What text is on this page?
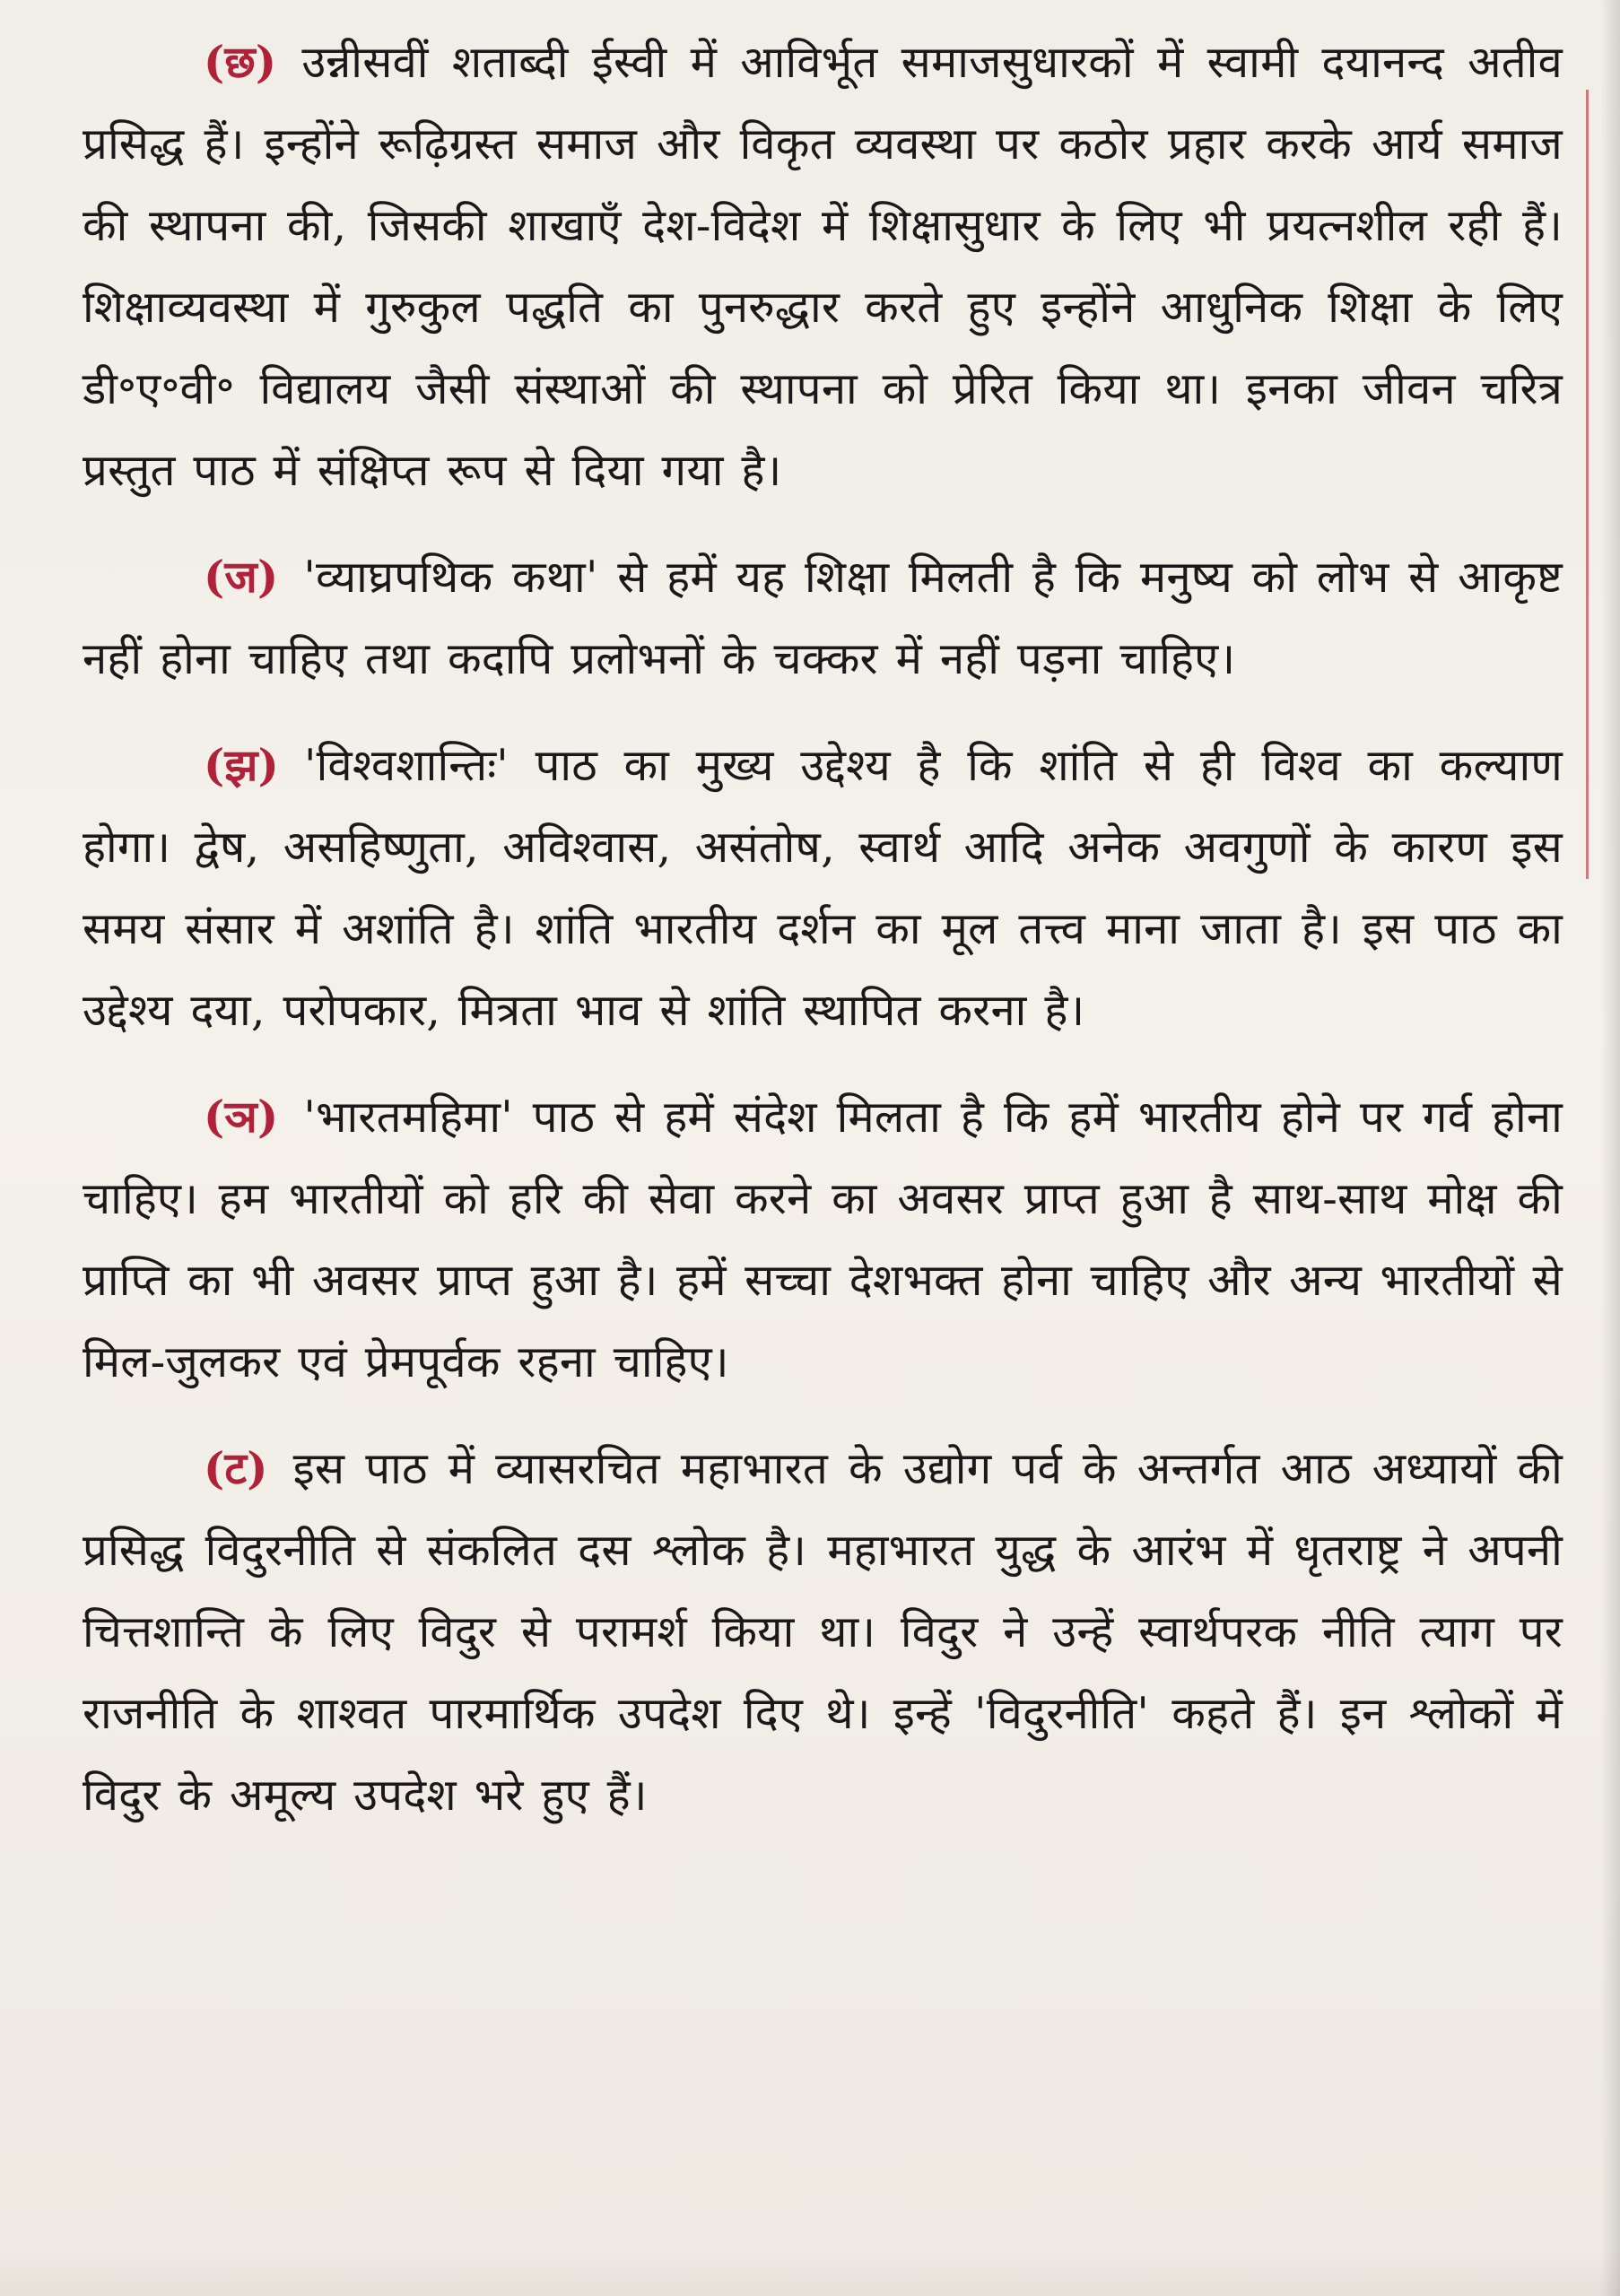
(छ) उन्नीसवीं शताब्दी ईस्वी में आविर्भूत समाजसुधारकों में स्वामी दयानन्द अतीव प्रसिद्ध हैं। इन्होंने रूढ़िग्रस्त समाज और विकृत व्यवस्था पर कठोर प्रहार करके आर्य समाज की स्थापना की, जिसकी शाखाएँ देश-विदेश में शिक्षासुधार के लिए भी प्रयत्नशील रही हैं। शिक्षाव्यवस्था में गुरुकुल पद्धति का पुनरुद्धार करते हुए इन्होंने आधुनिक शिक्षा के लिए डी॰ए॰वी॰ विद्यालय जैसी संस्थाओं की स्थापना को प्रेरित किया था। इनका जीवन चरित्र प्रस्तुत पाठ में संक्षिप्त रूप से दिया गया है।

(ज) 'व्याघ्रपथिक कथा' से हमें यह शिक्षा मिलती है कि मनुष्य को लोभ से आकृष्ट नहीं होना चाहिए तथा कदापि प्रलोभनों के चक्कर में नहीं पड़ना चाहिए।

(झ) 'विश्वशान्तिः' पाठ का मुख्य उद्देश्य है कि शांति से ही विश्व का कल्याण होगा। द्वेष, असहिष्णुता, अविश्वास, असंतोष, स्वार्थ आदि अनेक अवगुणों के कारण इस समय संसार में अशांति है। शांति भारतीय दर्शन का मूल तत्त्व माना जाता है। इस पाठ का उद्देश्य दया, परोपकार, मित्रता भाव से शांति स्थापित करना है।

(ञ) 'भारतमहिमा' पाठ से हमें संदेश मिलता है कि हमें भारतीय होने पर गर्व होना चाहिए। हम भारतीयों को हरि की सेवा करने का अवसर प्राप्त हुआ है साथ-साथ मोक्ष की प्राप्ति का भी अवसर प्राप्त हुआ है। हमें सच्चा देशभक्त होना चाहिए और अन्य भारतीयों से मिल-जुलकर एवं प्रेमपूर्वक रहना चाहिए।

(ट) इस पाठ में व्यासरचित महाभारत के उद्योग पर्व के अन्तर्गत आठ अध्यायों की प्रसिद्ध विदुरनीति से संकलित दस श्लोक है। महाभारत युद्ध के आरंभ में धृतराष्ट्र ने अपनी चित्तशान्ति के लिए विदुर से परामर्श किया था। विदुर ने उन्हें स्वार्थपरक नीति त्याग पर राजनीति के शाश्वत पारमार्थिक उपदेश दिए थे। इन्हें 'विदुरनीति' कहते हैं। इन श्लोकों में विदुर के अमूल्य उपदेश भरे हुए हैं।
